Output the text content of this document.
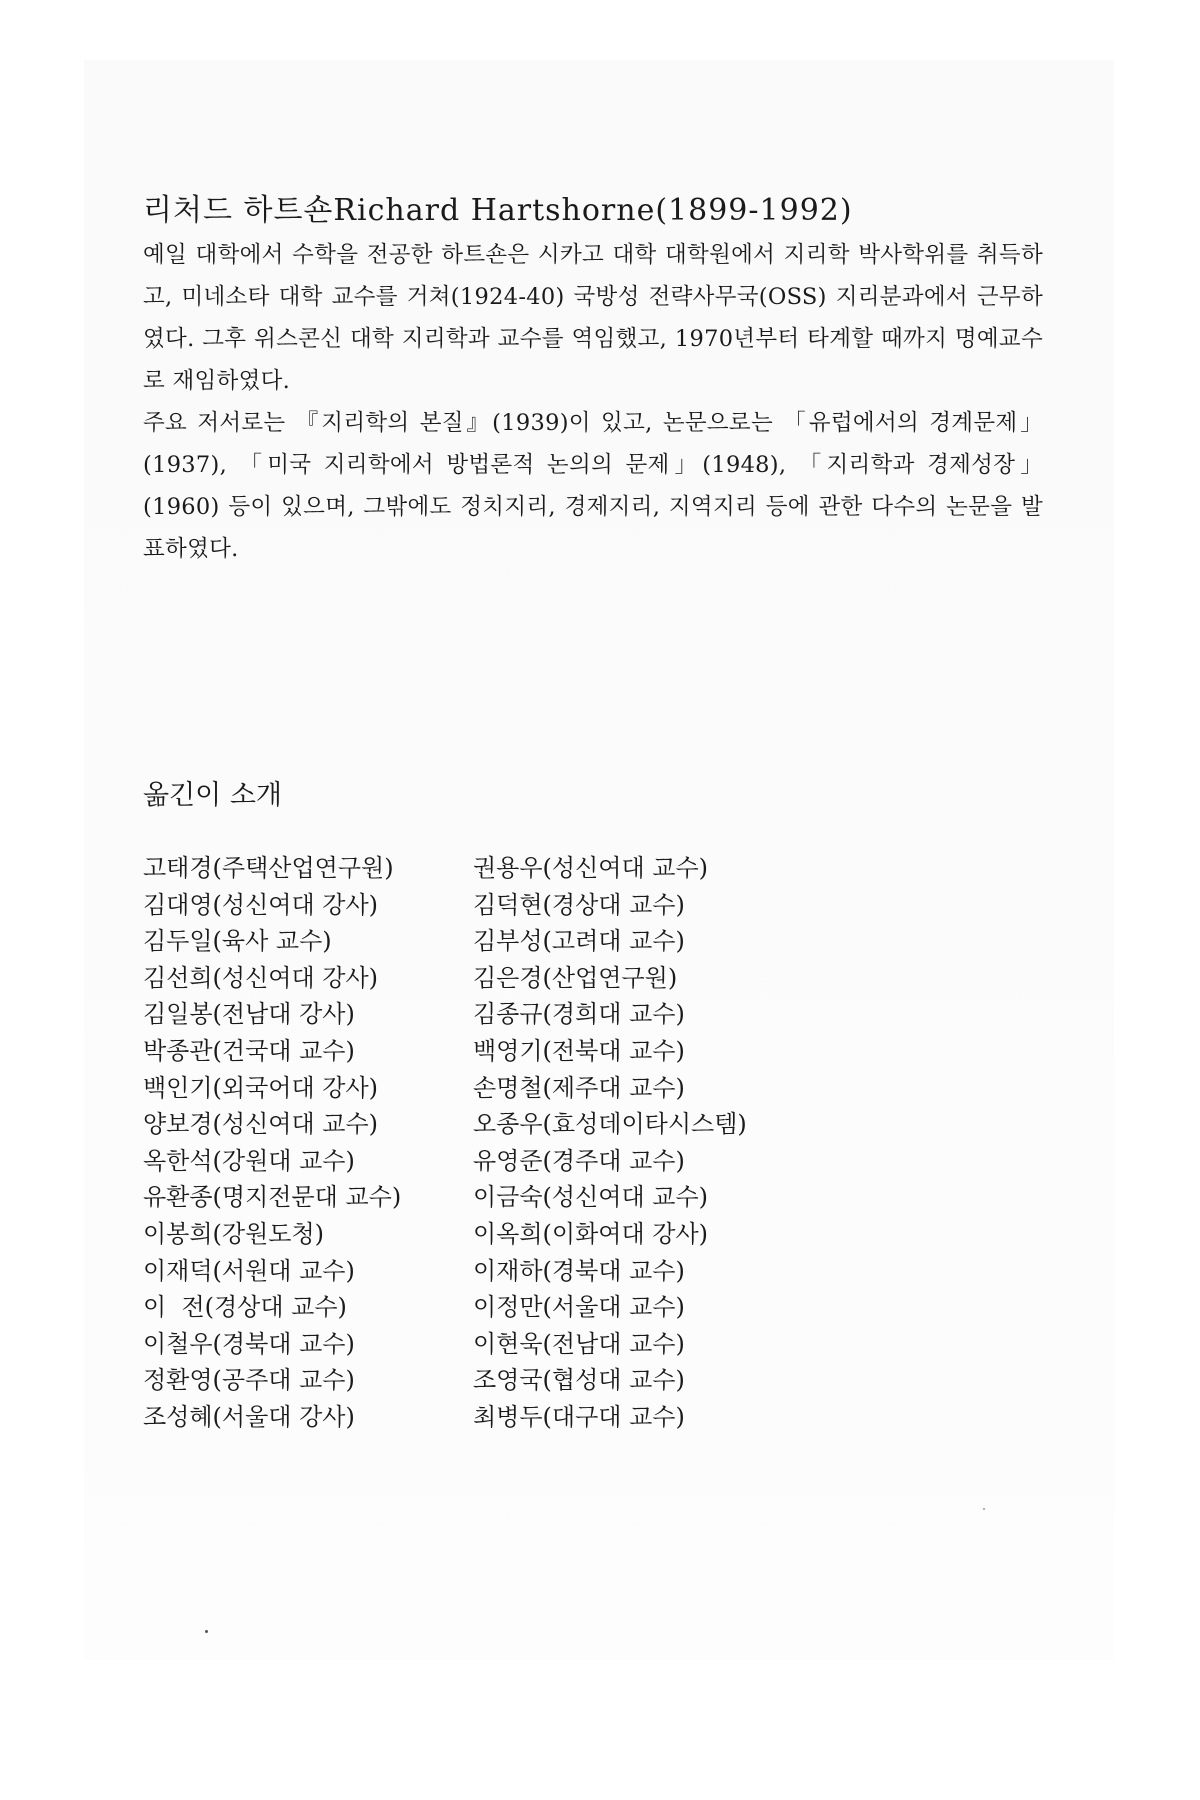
리처드 하트숀Richard Hartshorne(1899-1992)

예일 대학에서 수학을 전공한 하트숀은 시카고 대학 대학원에서 지리학 박사학위를 취득하고, 미네소타 대학 교수를 거쳐(1924-40) 국방성 전략사무국(OSS) 지리분과에서 근무하였다. 그후 위스콘신 대학 지리학과 교수를 역임했고, 1970년부터 타계할 때까지 명예교수로 재임하였다.

주요 저서로는 『지리학의 본질』(1939)이 있고, 논문으로는 「유럽에서의 경계문제」(1937), 「미국 지리학에서 방법론적 논의의 문제」(1948), 「지리학과 경제성장」(1960) 등이 있으며, 그밖에도 정치지리, 경제지리, 지역지리 등에 관한 다수의 논문을 발표하였다.

옮긴이 소개
고태경(주택산업연구원)	권용우(성신여대 교수)
김대영(성신여대 강사)	김덕현(경상대 교수)
김두일(육사 교수)	김부성(고려대 교수)
김선희(성신여대 강사)	김은경(산업연구원)
김일봉(전남대 강사)	김종규(경희대 교수)
박종관(건국대 교수)	백영기(전북대 교수)
백인기(외국어대 강사)	손명철(제주대 교수)
양보경(성신여대 교수)	오종우(효성데이타시스템)
옥한석(강원대 교수)	유영준(경주대 교수)
유환종(명지전문대 교수)	이금숙(성신여대 교수)
이봉희(강원도청)	이옥희(이화여대 강사)
이재덕(서원대 교수)	이재하(경북대 교수)
이  전(경상대 교수)	이정만(서울대 교수)
이철우(경북대 교수)	이현욱(전남대 교수)
정환영(공주대 교수)	조영국(협성대 교수)
조성혜(서울대 강사)	최병두(대구대 교수)
